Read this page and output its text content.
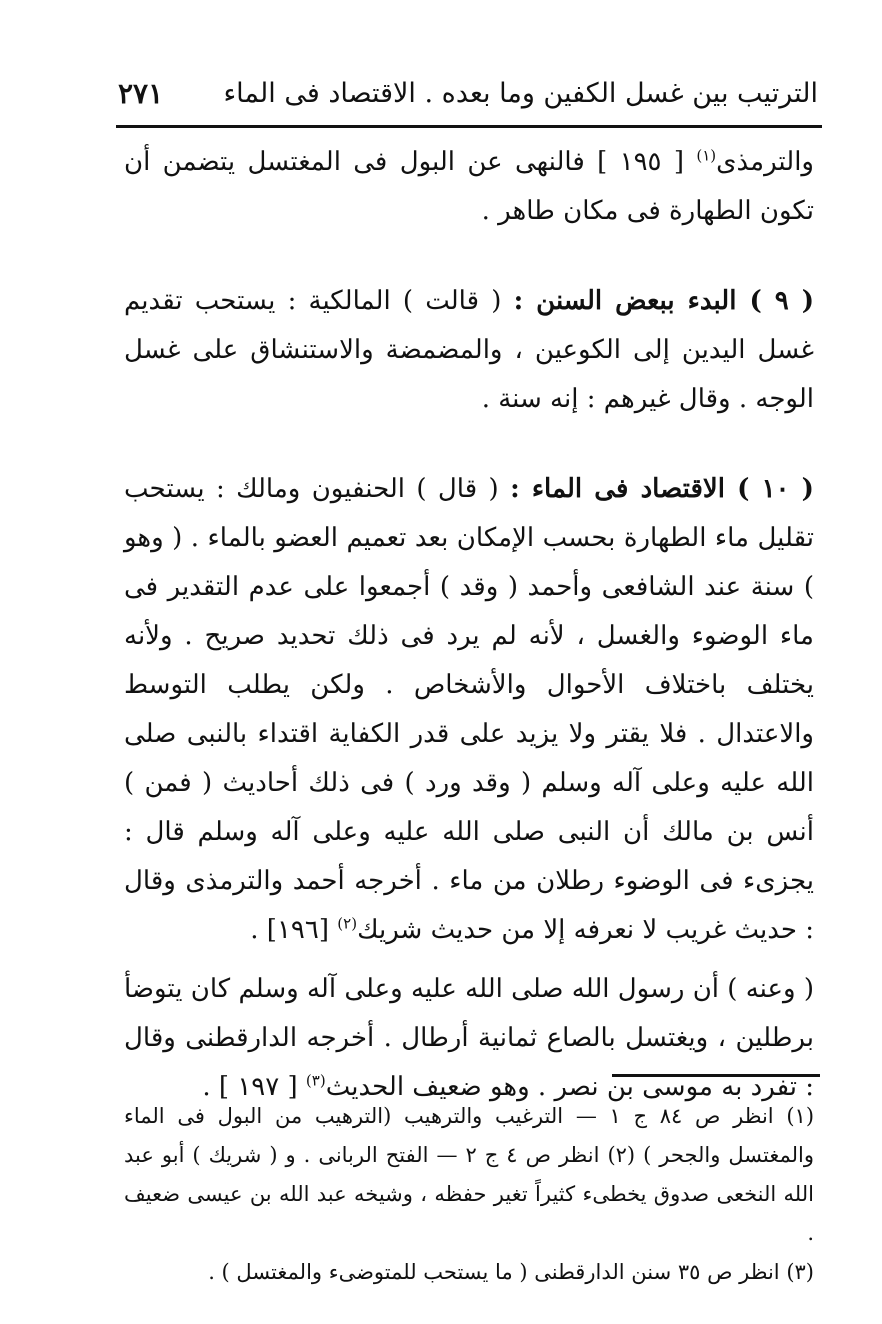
الترتيب بين غسل الكفين وما بعده . الاقتصاد فى الماء
٢٧١

والترمذى$^{(١)}$ [ ١٩٥ ] فالنهى عن البول فى المغتسل يتضمن أن تكون الطهارة فى مكان طاهر .

( ٩ ) البدء ببعض السنن : ( قالت ) المالكية : يستحب تقديم غسل اليدين إلى الكوعين ، والمضمضة والاستنشاق على غسل الوجه . وقال غيرهم : إنه سنة .

( ١٠ ) الاقتصاد فى الماء : ( قال ) الحنفيون ومالك : يستحب تقليل ماء الطهارة بحسب الإمكان بعد تعميم العضو بالماء . ( وهو ) سنة عند الشافعى وأحمد ( وقد ) أجمعوا على عدم التقدير فى ماء الوضوء والغسل ، لأنه لم يرد فى ذلك تحديد صريح . ولأنه يختلف باختلاف الأحوال والأشخاص . ولكن يطلب التوسط والاعتدال . فلا يقتر ولا يزيد على قدر الكفاية اقتداء بالنبى صلى الله عليه وعلى آله وسلم ( وقد ورد ) فى ذلك أحاديث ( فمن ) أنس بن مالك أن النبى صلى الله عليه وعلى آله وسلم قال : يجزىء فى الوضوء رطلان من ماء . أخرجه أحمد والترمذى وقال : حديث غريب لا نعرفه إلا من حديث شريك$^{(٢)}$ [١٩٦] .

( وعنه ) أن رسول الله صلى الله عليه وعلى آله وسلم كان يتوضأ برطلين ، ويغتسل بالصاع ثمانية أرطال . أخرجه الدارقطنى وقال : تفرد به موسى بن نصر . وهو ضعيف الحديث$^{(٣)}$ [ ١٩٧ ] .

(١) انظر ص ٨٤ ج ١ — الترغيب والترهيب (الترهيب من البول فى الماء والمغتسل والجحر ) (٢) انظر ص ٤ ج ٢ — الفتح الربانى . و ( شريك ) أبو عبد الله النخعى صدوق يخطىء كثيراً تغير حفظه ، وشيخه عبد الله بن عيسى ضعيف .

(٣) انظر ص ٣٥ سنن الدارقطنى ( ما يستحب للمتوضىء والمغتسل ) .
